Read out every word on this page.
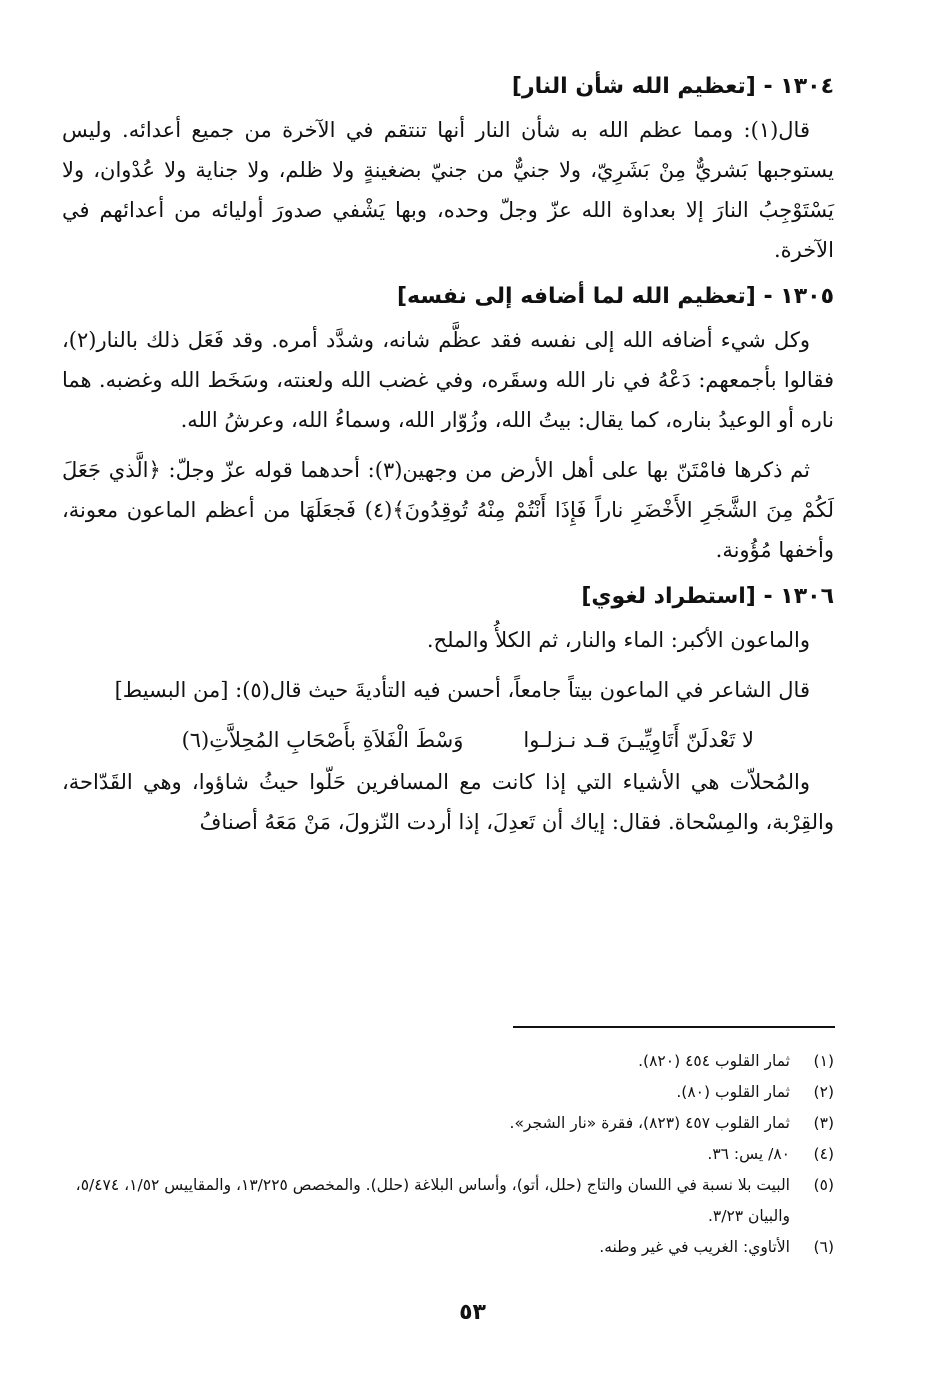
١٣٠٤ - [تعظيم الله شأن النار]

قال(١): ومما عظم الله به شأن النار أنها تنتقم في الآخرة من جميع أعدائه. وليس يستوجبها بَشريٌّ مِنْ بَشَرِيّ، ولا جنيٌّ من جنيّ بضغينةٍ ولا ظلم، ولا جناية ولا عُدْوان، ولا يَسْتَوْجِبُ النارَ إلا بعداوة الله عزّ وجلّ وحده، وبها يَشْفي صدورَ أوليائه من أعدائهم في الآخرة.

١٣٠٥ - [تعظيم الله لما أضافه إلى نفسه]

وكل شيء أضافه الله إلى نفسه فقد عظَّم شانه، وشدَّد أمره. وقد فَعَل ذلك بالنار(٢)، فقالوا بأجمعهم: دَعْهُ في نار الله وسقَره، وفي غضب الله ولعنته، وسَخَط الله وغضبه. هما ناره أو الوعيدُ بناره، كما يقال: بيتُ الله، وزُوّار الله، وسماءُ الله، وعرشُ الله.

ثم ذكرها فامْتَنّ بها على أهل الأرض من وجهين(٣): أحدهما قوله عزّ وجلّ: ﴿الَّذي جَعَلَ لَكُمْ مِنَ الشَّجَرِ الأَخْضَرِ ناراً فَإِذَا أَنْتُمْ مِنْهُ تُوقِدُونَ﴾(٤) فَجعَلَهَا من أعظم الماعون معونة، وأخفها مُؤُونة.

١٣٠٦ - [استطراد لغوي]

والماعون الأكبر: الماء والنار، ثم الكلأُ والملح.

قال الشاعر في الماعون بيتاً جامعاً، أحسن فيه التأديةَ حيث قال(٥): [من البسيط]

لا تَعْدلَنّ أَتَاوِيِّيـنَ قـد نـزلـوا
وَسْطَ الْفَلاَةِ بأَصْحَابِ المُحِلاَّتِ(٦)

والمُحلاّت هي الأشياء التي إذا كانت مع المسافرين حَلّوا حيثُ شاؤوا، وهي القَدّاحة، والقِرْبة، والمِسْحاة. فقال: إياك أن تَعدِلَ، إذا أردت النّزولَ، مَنْ مَعَهُ أصنافُ

(١)
ثمار القلوب ٤٥٤ (٨٢٠).
(٢)
ثمار القلوب (٨٠).
(٣)
ثمار القلوب ٤٥٧ (٨٢٣)، فقرة «نار الشجر».
(٤)
٨٠/ يس: ٣٦.
(٥)
البيت بلا نسبة في اللسان والتاج (حلل، أتو)، وأساس البلاغة (حلل). والمخصص ١٣/٢٢٥، والمقاييس ١/٥٢، ٥/٤٧٤، والبيان ٣/٢٣.
(٦)
الأتاوي: الغريب في غير وطنه.
٥٣
